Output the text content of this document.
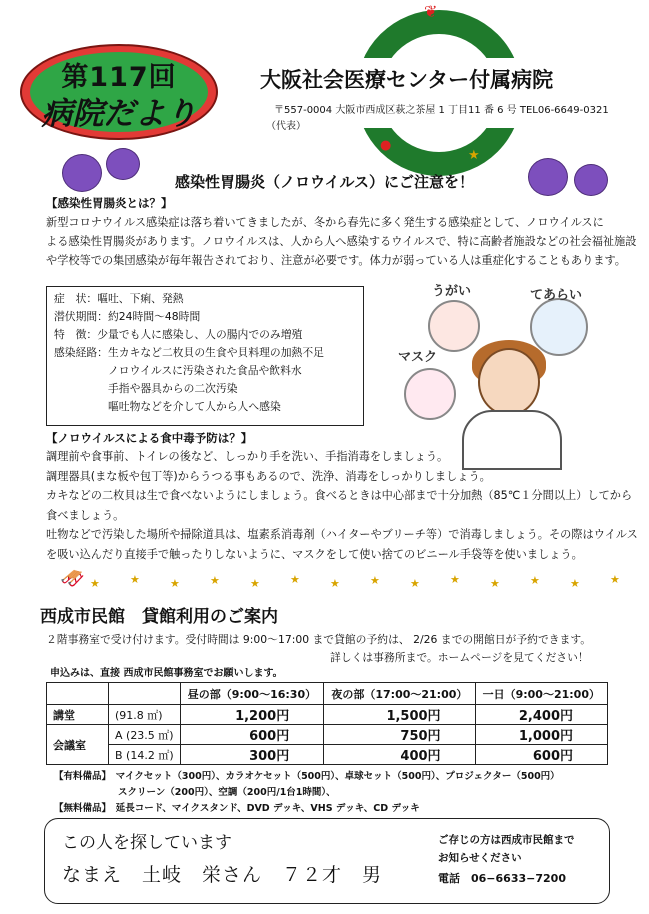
第117回
病院だより
❦
●
★
大阪社会医療センター付属病院
〒557-0004 大阪市西成区萩之茶屋 1 丁目11 番 6 号 TEL06-6649-0321
（代表）
感染性胃腸炎（ノロウイルス）にご注意を！
【感染性胃腸炎とは？】
新型コロナウイルス感染症は落ち着いてきましたが、冬から春先に多く発生する感染症として、ノロウイルスに
よる感染性胃腸炎があります。ノロウイルスは、人から人へ感染するウイルスで、特に高齢者施設などの社会福祉施設
や学校等での集団感染が毎年報告されており、注意が必要です。体力が弱っている人は重症化することもあります。
症　状：嘔吐、下痢、発熱
潜伏期間：約24時間〜48時間
特　徴：少量でも人に感染し、人の腸内でのみ増殖
感染経路：生カキなど二枚貝の生食や貝料理の加熱不足
ノロウイルスに汚染された食品や飲料水
手指や器具からの二次汚染
嘔吐物などを介して人から人へ感染
うがい	てあらい
マスク
【ノロウイルスによる食中毒予防は？】
調理前や食事前、トイレの後など、しっかり手を洗い、手指消毒をしましょう。
調理器具(まな板や包丁等)からうつる事もあるので、洗浄、消毒をしっかりしましょう。
カキなどの二枚貝は生で食べないようにしましょう。食べるときは中心部まで十分加熱（85℃１分間以上）してから
食べましょう。
吐物などで汚染した場所や掃除道具は、塩素系消毒剤（ハイターやブリーチ等）で消毒しましょう。その際はウイルス
を吸い込んだり直接手で触ったりしないように、マスクをして使い捨てのビニール手袋等を使いましょう。
🛷 ★	★	★	★	★	★	★	★	★	★	★	★	★	★
西成市民館　貸館利用のご案内
２階事務室で受け付けます。受付時間は 9:00〜17:00 まで貸館の予約は、 2/26 までの開館日が予約できます。
詳しくは事務所まで。ホームページを見てください！
申込みは、直接 西成市民館事務室でお願いします。
		昼の部（9:00〜16:30）	夜の部（17:00〜21:00）	一日（9:00〜21:00）
講堂	(91.8 ㎡)	1,200円	1,500円	2,400円
会議室	A (23.5 ㎡)	600円	750円	1,000円
	B (14.2 ㎡)	300円	400円	600円
【有料備品】　マイクセット（300円）、カラオケセット（500円）、卓球セット（500円）、プロジェクター（500円）
スクリーン（200円）、空調（200円/1台1時間）、
【無料備品】　延長コード、マイクスタンド、DVD デッキ、VHS デッキ、CD デッキ
この人を探しています
なまえ　土岐　栄さん　７２才　男
ご存じの方は西成市民館まで
お知らせください
電話　06−6633−7200
